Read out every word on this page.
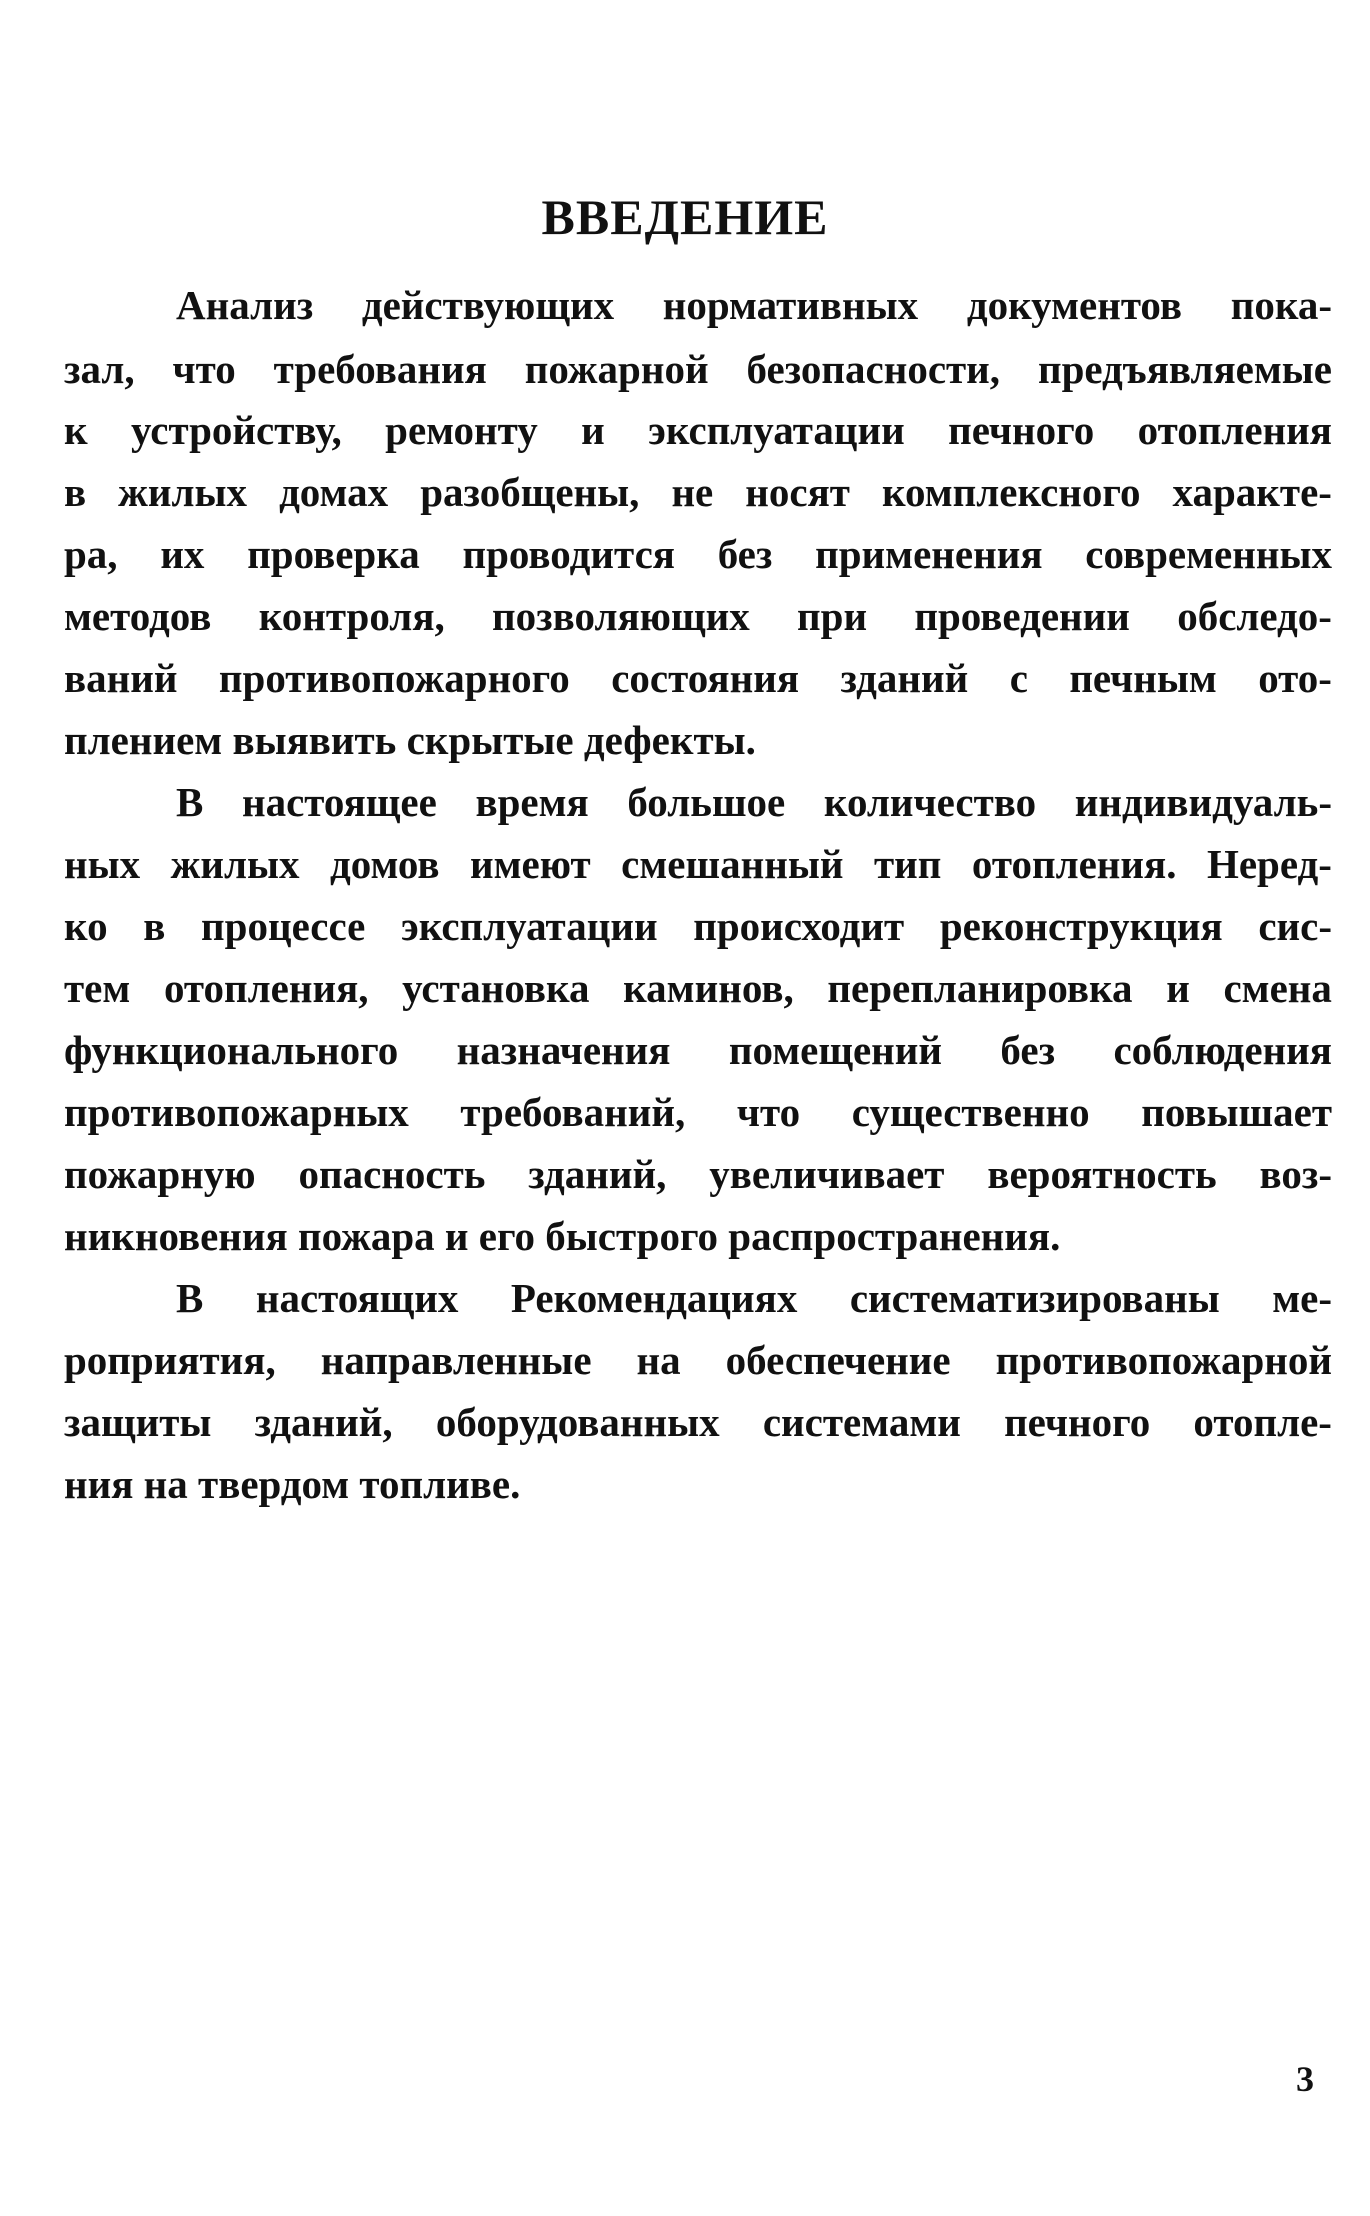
ВВЕДЕНИЕ

Анализ действующих нормативных документов пока-

зал, что требования пожарной безопасности, предъявляемые

к устройству, ремонту и эксплуатации печного отопления

в жилых домах разобщены, не носят комплексного характе-

ра, их проверка проводится без применения современных

методов контроля, позволяющих при проведении обследо-

ваний противопожарного состояния зданий с печным ото-

плением выявить скрытые дефекты.

В настоящее время большое количество индивидуаль-

ных жилых домов имеют смешанный тип отопления. Неред-

ко в процессе эксплуатации происходит реконструкция сис-

тем отопления, установка каминов, перепланировка и смена

функционального назначения помещений без соблюдения

противопожарных требований, что существенно повышает

пожарную опасность зданий, увеличивает вероятность воз-

никновения пожара и его быстрого распространения.

В настоящих Рекомендациях систематизированы ме-

роприятия, направленные на обеспечение противопожарной

защиты зданий, оборудованных системами печного отопле-

ния на твердом топливе.

3
